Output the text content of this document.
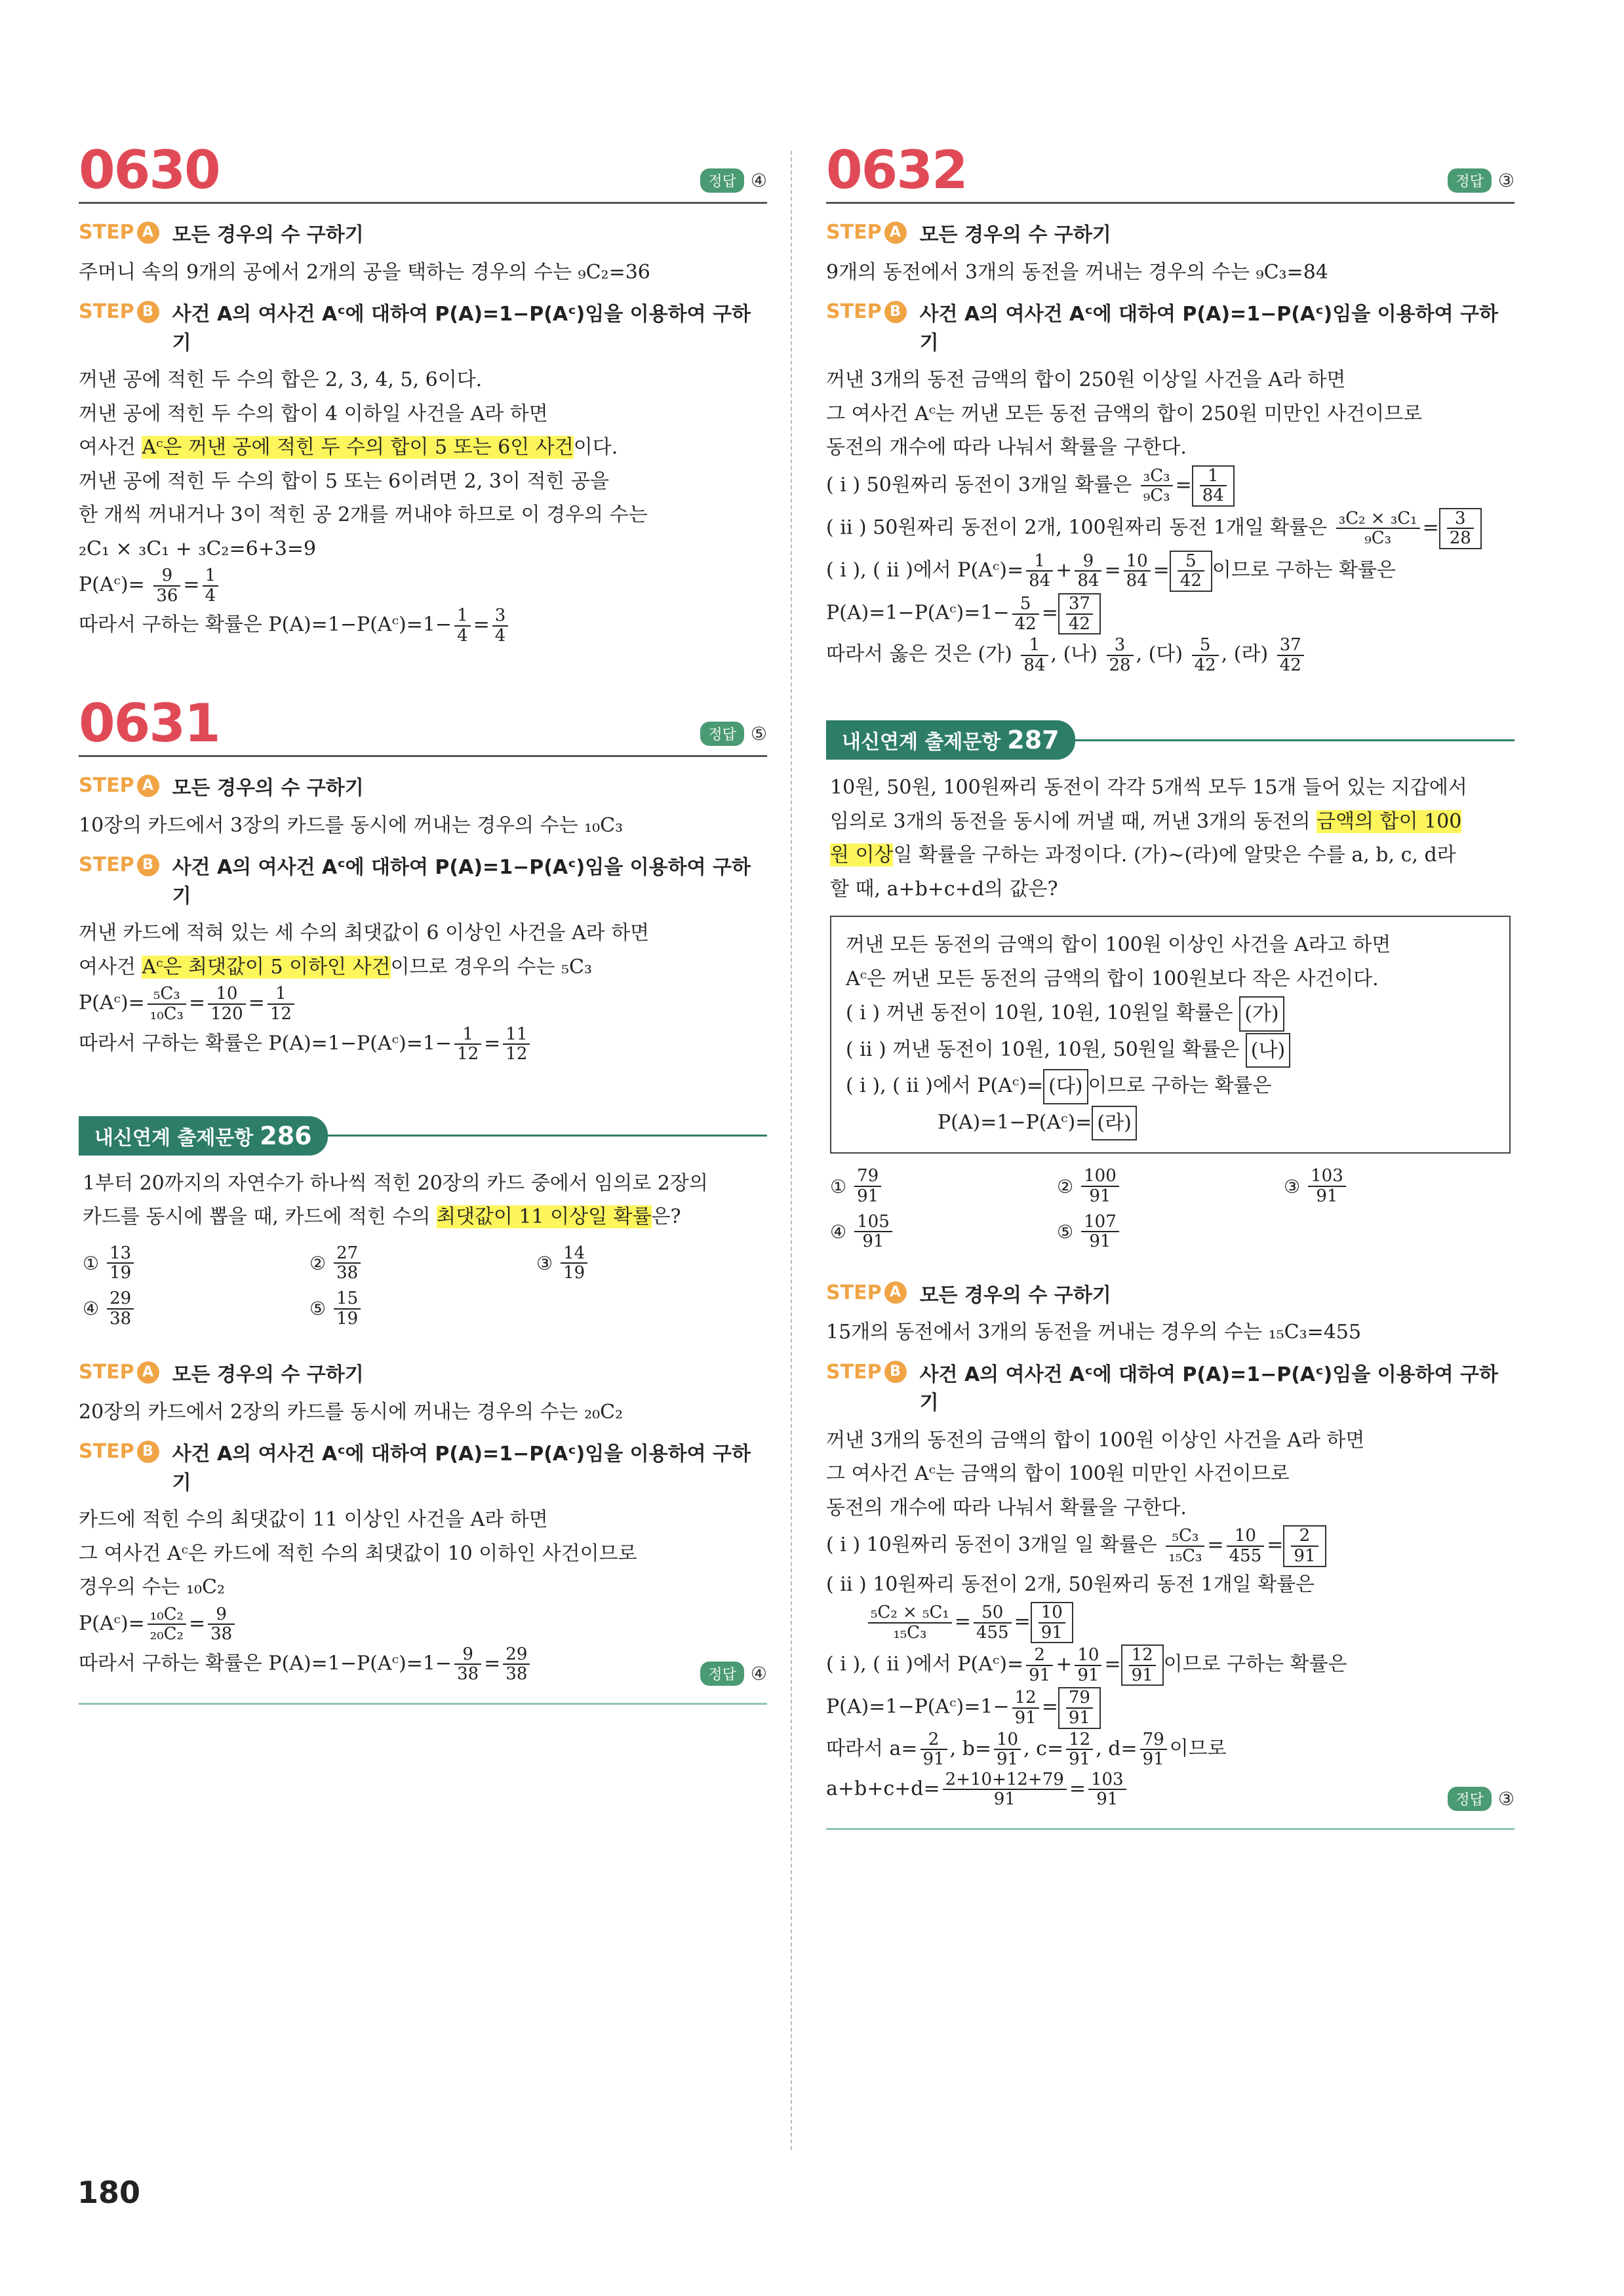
0630	정답 ④
STEP A 모든 경우의 수 구하기
주머니 속의 9개의 공에서 2개의 공을 택하는 경우의 수는 ₉C₂=36
STEP B 사건 A의 여사건 Aᶜ에 대하여 P(A)=1−P(Aᶜ)임을 이용하여 구하기
꺼낸 공에 적힌 두 수의 합은 2, 3, 4, 5, 6이다.
꺼낸 공에 적힌 두 수의 합이 4 이하일 사건을 A라 하면
여사건 Aᶜ은 꺼낸 공에 적힌 두 수의 합이 5 또는 6인 사건이다.
꺼낸 공에 적힌 두 수의 합이 5 또는 6이려면 2, 3이 적힌 공을
한 개씩 꺼내거나 3이 적힌 공 2개를 꺼내야 하므로 이 경우의 수는
₂C₁ × ₃C₁ + ₃C₂=6+3=9
P(Aᶜ)= $\frac{9}{36} = \frac{1}{4}$
따라서 구하는 확률은 P(A)=1−P(Aᶜ)=1− $\frac{1}{4} = \frac{3}{4}$
0631	정답 ⑤
STEP A 모든 경우의 수 구하기
10장의 카드에서 3장의 카드를 동시에 꺼내는 경우의 수는 ₁₀C₃
STEP B 사건 A의 여사건 Aᶜ에 대하여 P(A)=1−P(Aᶜ)임을 이용하여 구하기
꺼낸 카드에 적혀 있는 세 수의 최댓값이 6 이상인 사건을 A라 하면
여사건 Aᶜ은 최댓값이 5 이하인 사건이므로 경우의 수는 ₅C₃
P(Aᶜ)= $\frac{\text{₅C₃}}{\text{₁₀C₃}} = \frac{10}{120} = \frac{1}{12}$
따라서 구하는 확률은 P(A)=1−P(Aᶜ)=1− $\frac{1}{12} = \frac{11}{12}$
내신연계 출제문항 286
1부터 20까지의 자연수가 하나씩 적힌 20장의 카드 중에서 임의로 2장의
카드를 동시에 뽑을 때, 카드에 적힌 수의 최댓값이 11 이상일 확률은?
① $\frac{13}{19}$	② $\frac{27}{38}$	③ $\frac{14}{19}$
④ $\frac{29}{38}$	⑤ $\frac{15}{19}$
STEP A 모든 경우의 수 구하기
20장의 카드에서 2장의 카드를 동시에 꺼내는 경우의 수는 ₂₀C₂
STEP B 사건 A의 여사건 Aᶜ에 대하여 P(A)=1−P(Aᶜ)임을 이용하여 구하기
카드에 적힌 수의 최댓값이 11 이상인 사건을 A라 하면
그 여사건 Aᶜ은 카드에 적힌 수의 최댓값이 10 이하인 사건이므로
경우의 수는 ₁₀C₂
P(Aᶜ)= $\frac{\text{₁₀C₂}}{\text{₂₀C₂}} = \frac{9}{38}$
따라서 구하는 확률은 P(A)=1−P(Aᶜ)=1− $\frac{9}{38} = \frac{29}{38}$	정답 ④
0632	정답 ③
STEP A 모든 경우의 수 구하기
9개의 동전에서 3개의 동전을 꺼내는 경우의 수는 ₉C₃=84
STEP B 사건 A의 여사건 Aᶜ에 대하여 P(A)=1−P(Aᶜ)임을 이용하여 구하기
꺼낸 3개의 동전 금액의 합이 250원 이상일 사건을 A라 하면
그 여사건 Aᶜ는 꺼낸 모든 동전 금액의 합이 250원 미만인 사건이므로
동전의 개수에 따라 나눠서 확률을 구한다.
( i ) 50원짜리 동전이 3개일 확률은 $\frac{\text{₃C₃}}{\text{₉C₃}} = \frac{1}{84}$
( ii ) 50원짜리 동전이 2개, 100원짜리 동전 1개일 확률은 $\frac{\text{₃C₂ × ₃C₁}}{\text{₉C₃}} = \frac{3}{28}$
( i ), ( ii )에서 P(Aᶜ)= $\frac{1}{84} + \frac{9}{84} = \frac{10}{84} = \frac{5}{42}$ 이므로 구하는 확률은
P(A)=1−P(Aᶜ)=1− $\frac{5}{42} = \frac{37}{42}$
따라서 옳은 것은 (가) $\frac{1}{84}$ , (나) $\frac{3}{28}$ , (다) $\frac{5}{42}$ , (라) $\frac{37}{42}$
내신연계 출제문항 287
10원, 50원, 100원짜리 동전이 각각 5개씩 모두 15개 들어 있는 지갑에서
임의로 3개의 동전을 동시에 꺼낼 때, 꺼낸 3개의 동전의 금액의 합이 100
원 이상일 확률을 구하는 과정이다. (가)~(라)에 알맞은 수를 a, b, c, d라
할 때, a+b+c+d의 값은?
꺼낸 모든 동전의 금액의 합이 100원 이상인 사건을 A라고 하면
Aᶜ은 꺼낸 모든 동전의 금액의 합이 100원보다 작은 사건이다.
( i ) 꺼낸 동전이 10원, 10원, 10원일 확률은 (가)
( ii ) 꺼낸 동전이 10원, 10원, 50원일 확률은 (나)
( i ), ( ii )에서 P(Aᶜ)= (다) 이므로 구하는 확률은
P(A)=1−P(Aᶜ)= (라)
① $\frac{79}{91}$	② $\frac{100}{91}$	③ $\frac{103}{91}$
④ $\frac{105}{91}$	⑤ $\frac{107}{91}$
STEP A 모든 경우의 수 구하기
15개의 동전에서 3개의 동전을 꺼내는 경우의 수는 ₁₅C₃=455
STEP B 사건 A의 여사건 Aᶜ에 대하여 P(A)=1−P(Aᶜ)임을 이용하여 구하기
꺼낸 3개의 동전의 금액의 합이 100원 이상인 사건을 A라 하면
그 여사건 Aᶜ는 금액의 합이 100원 미만인 사건이므로
동전의 개수에 따라 나눠서 확률을 구한다.
( i ) 10원짜리 동전이 3개일 일 확률은 $\frac{\text{₅C₃}}{\text{₁₅C₃}} = \frac{10}{455} = \frac{2}{91}$
( ii ) 10원짜리 동전이 2개, 50원짜리 동전 1개일 확률은
$\frac{\text{₅C₂ × ₅C₁}}{\text{₁₅C₃}} = \frac{50}{455} = \frac{10}{91}$
( i ), ( ii )에서 P(Aᶜ)= $\frac{2}{91} + \frac{10}{91} = \frac{12}{91}$ 이므로 구하는 확률은
P(A)=1−P(Aᶜ)=1− $\frac{12}{91} = \frac{79}{91}$
따라서 $a= \frac{2}{91}$ , $b= \frac{10}{91}$ , $c= \frac{12}{91}$ , $d= \frac{79}{91}$ 이므로
$a+b+c+d= \frac{2+10+12+79}{91} = \frac{103}{91}$	정답 ③
180
